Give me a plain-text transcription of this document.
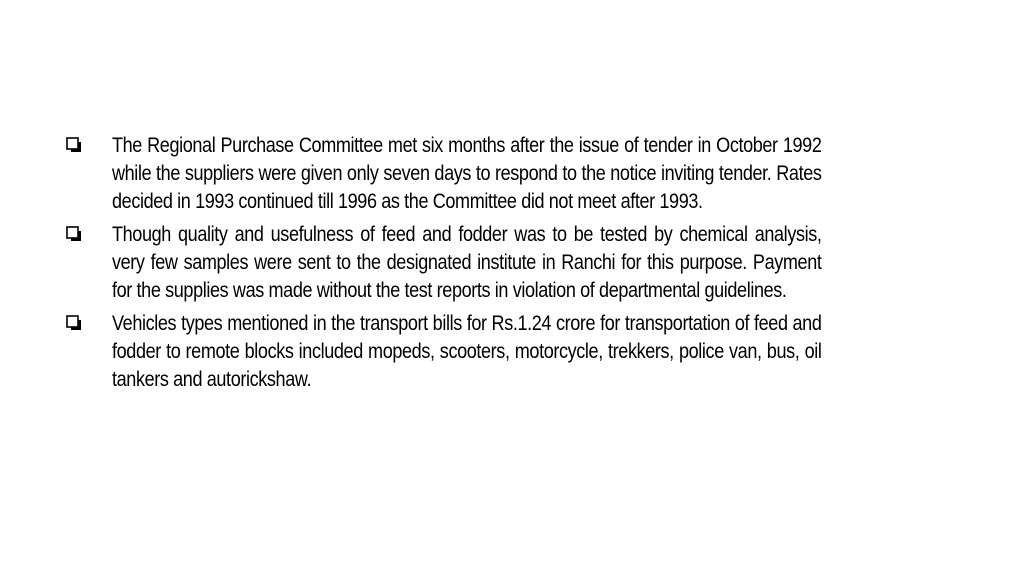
The Regional Purchase Committee met six months after the issue of tender in October 1992 while the suppliers were given only seven days to respond to the notice inviting tender. Rates decided in 1993 continued till 1996 as the Committee did not meet after 1993.
Though quality and usefulness of feed and fodder was to be tested by chemical analysis, very few samples were sent to the designated institute in Ranchi for this purpose. Payment for the supplies was made without the test reports in violation of departmental guidelines.
Vehicles types mentioned in the transport bills for Rs.1.24 crore for transportation of feed and fodder to remote blocks included mopeds, scooters, motorcycle, trekkers, police van, bus, oil tankers and autorickshaw.
